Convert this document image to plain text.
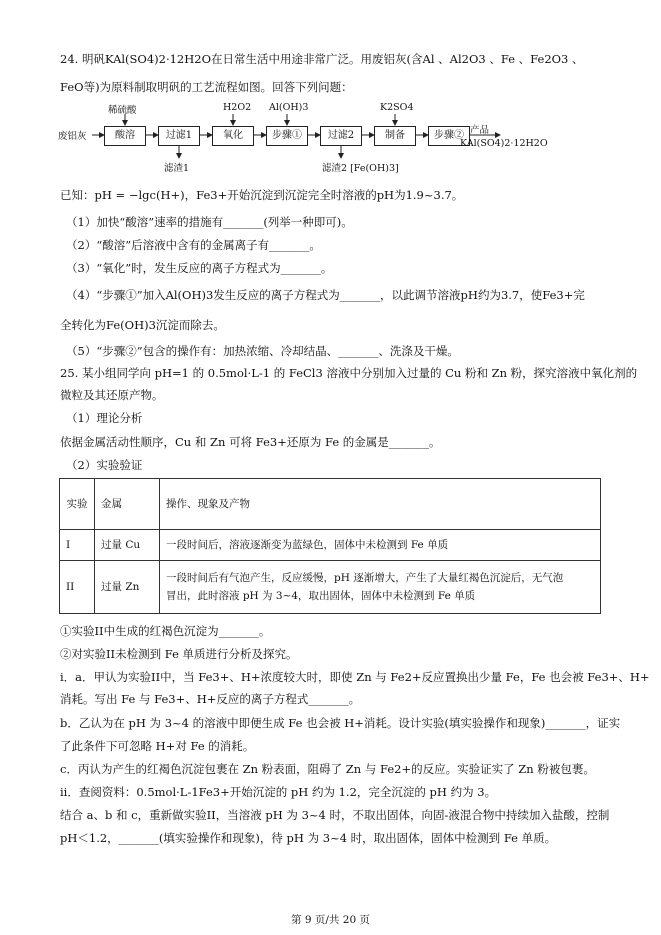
24. 明矾KAl(SO4)2·12H2O在日常生活中用途非常广泛。用废铝灰(含Al 、Al2O3 、Fe 、Fe2O3 、
FeO等)为原料制取明矾的工艺流程如图。回答下列问题：
废铝灰
稀硫酸	H2O2 Al(OH)3	K2SO4
酸溶	过滤1	氧化	步骤①	过滤2	制备	步骤②
滤渣1	滤渣2 [Fe(OH)3]
产品
KAl(SO4)2·12H2O
已知：pH = −lgc(H+)，Fe3+开始沉淀到沉淀完全时溶液的pH为1.9~3.7。
（1）加快“酸溶”速率的措施有_______(列举一种即可)。
（2）“酸溶”后溶液中含有的金属离子有_______。
（3）“氧化”时，发生反应的离子方程式为_______。
（4）“步骤①”加入Al(OH)3发生反应的离子方程式为_______，以此调节溶液pH约为3.7，使Fe3+完
全转化为Fe(OH)3沉淀而除去。
（5）“步骤②”包含的操作有：加热浓缩、冷却结晶、_______、洗涤及干燥。
25. 某小组同学向 pH=1 的 0.5mol·L-1 的 FeCl3 溶液中分别加入过量的 Cu 粉和 Zn 粉，探究溶液中氧化剂的
微粒及其还原产物。
（1）理论分析
依据金属活动性顺序，Cu 和 Zn 可将 Fe3+还原为 Fe 的金属是_______。
（2）实验验证
实验	金属	操作、现象及产物
I	过量 Cu	一段时间后，溶液逐渐变为蓝绿色，固体中未检测到 Fe 单质
II	过量 Zn	一段时间后有气泡产生，反应缓慢，pH 逐渐增大，产生了大量红褐色沉淀后，无气泡
冒出，此时溶液 pH 为 3~4，取出固体，固体中未检测到 Fe 单质
①实验II中生成的红褐色沉淀为_______。
②对实验II未检测到 Fe 单质进行分析及探究。
i．a．甲认为实验II中，当 Fe3+、H+浓度较大时，即使 Zn 与 Fe2+反应置换出少量 Fe，Fe 也会被 Fe3+、H+
消耗。写出 Fe 与 Fe3+、H+反应的离子方程式_______。
b．乙认为在 pH 为 3~4 的溶液中即便生成 Fe 也会被 H+消耗。设计实验(填实验操作和现象)_______，证实
了此条件下可忽略 H+对 Fe 的消耗。
c．丙认为产生的红褐色沉淀包裹在 Zn 粉表面，阻碍了 Zn 与 Fe2+的反应。实验证实了 Zn 粉被包裹。
ii．查阅资料：0.5mol·L-1Fe3+开始沉淀的 pH 约为 1.2，完全沉淀的 pH 约为 3。
结合 a、b 和 c，重新做实验II，当溶液 pH 为 3~4 时，不取出固体，向固-液混合物中持续加入盐酸，控制
pH＜1.2，_______(填实验操作和现象)，待 pH 为 3~4 时，取出固体，固体中检测到 Fe 单质。
第 9 页/共 20 页
